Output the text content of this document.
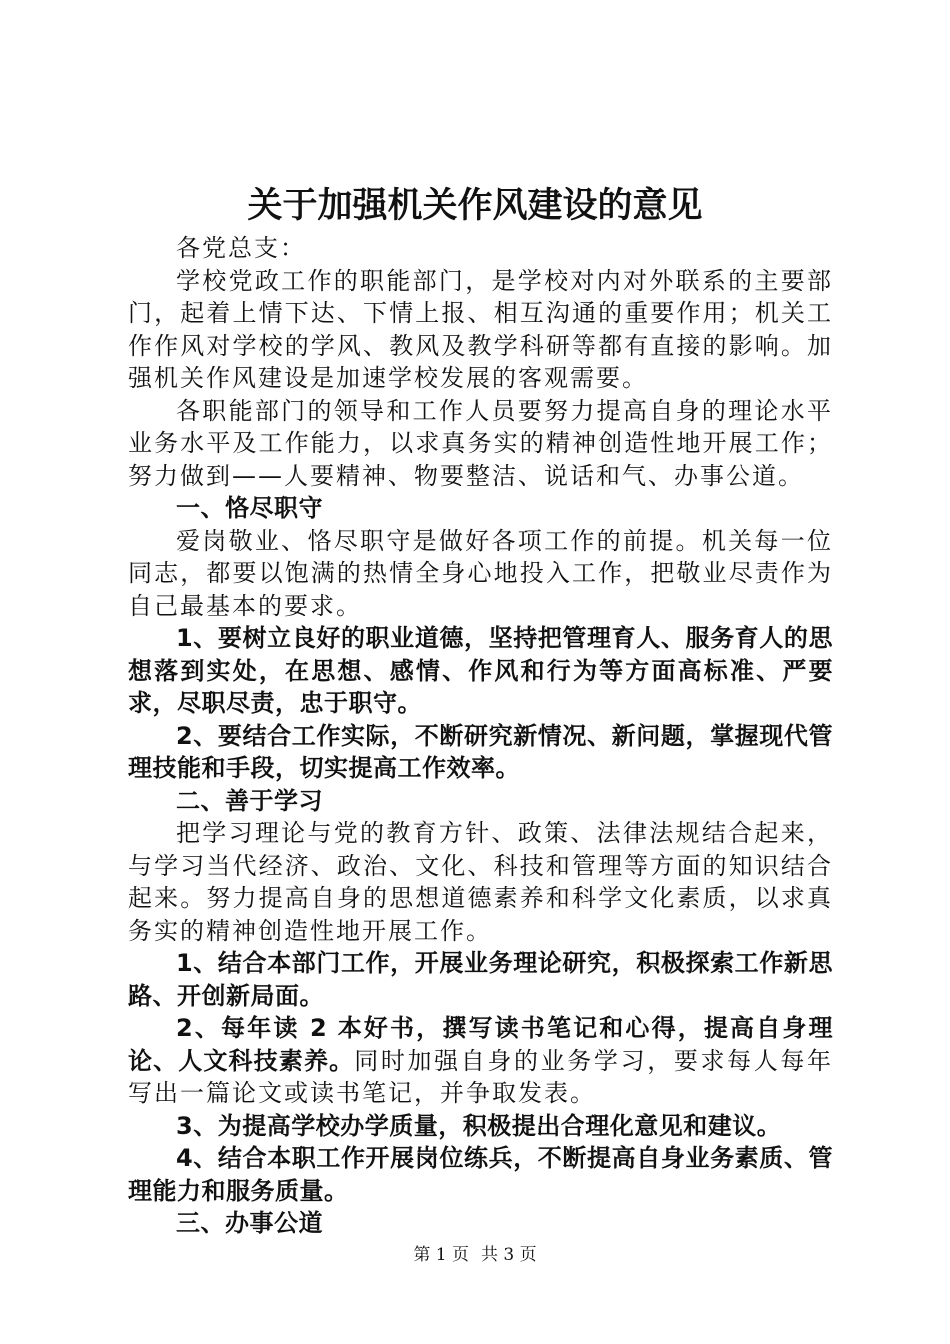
关于加强机关作风建设的意见

各党总支：

学校党政工作的职能部门，是学校对内对外联系的主要部门，起着上情下达、下情上报、相互沟通的重要作用；机关工作作风对学校的学风、教风及教学科研等都有直接的影响。加强机关作风建设是加速学校发展的客观需要。

各职能部门的领导和工作人员要努力提高自身的理论水平业务水平及工作能力，以求真务实的精神创造性地开展工作；努力做到——人要精神、物要整洁、说话和气、办事公道。

一、恪尽职守

爱岗敬业、恪尽职守是做好各项工作的前提。机关每一位同志，都要以饱满的热情全身心地投入工作，把敬业尽责作为自己最基本的要求。

1、要树立良好的职业道德，坚持把管理育人、服务育人的思想落到实处，在思想、感情、作风和行为等方面高标准、严要求，尽职尽责，忠于职守。

2、要结合工作实际，不断研究新情况、新问题，掌握现代管理技能和手段，切实提高工作效率。

二、善于学习

把学习理论与党的教育方针、政策、法律法规结合起来，与学习当代经济、政治、文化、科技和管理等方面的知识结合起来。努力提高自身的思想道德素养和科学文化素质，以求真务实的精神创造性地开展工作。

1、结合本部门工作，开展业务理论研究，积极探索工作新思路、开创新局面。

2、每年读 2 本好书，撰写读书笔记和心得，提高自身理论、人文科技素养。同时加强自身的业务学习，要求每人每年写出一篇论文或读书笔记，并争取发表。

3、为提高学校办学质量，积极提出合理化意见和建议。

4、结合本职工作开展岗位练兵，不断提高自身业务素质、管理能力和服务质量。

三、办事公道

第 1 页 共 3 页
